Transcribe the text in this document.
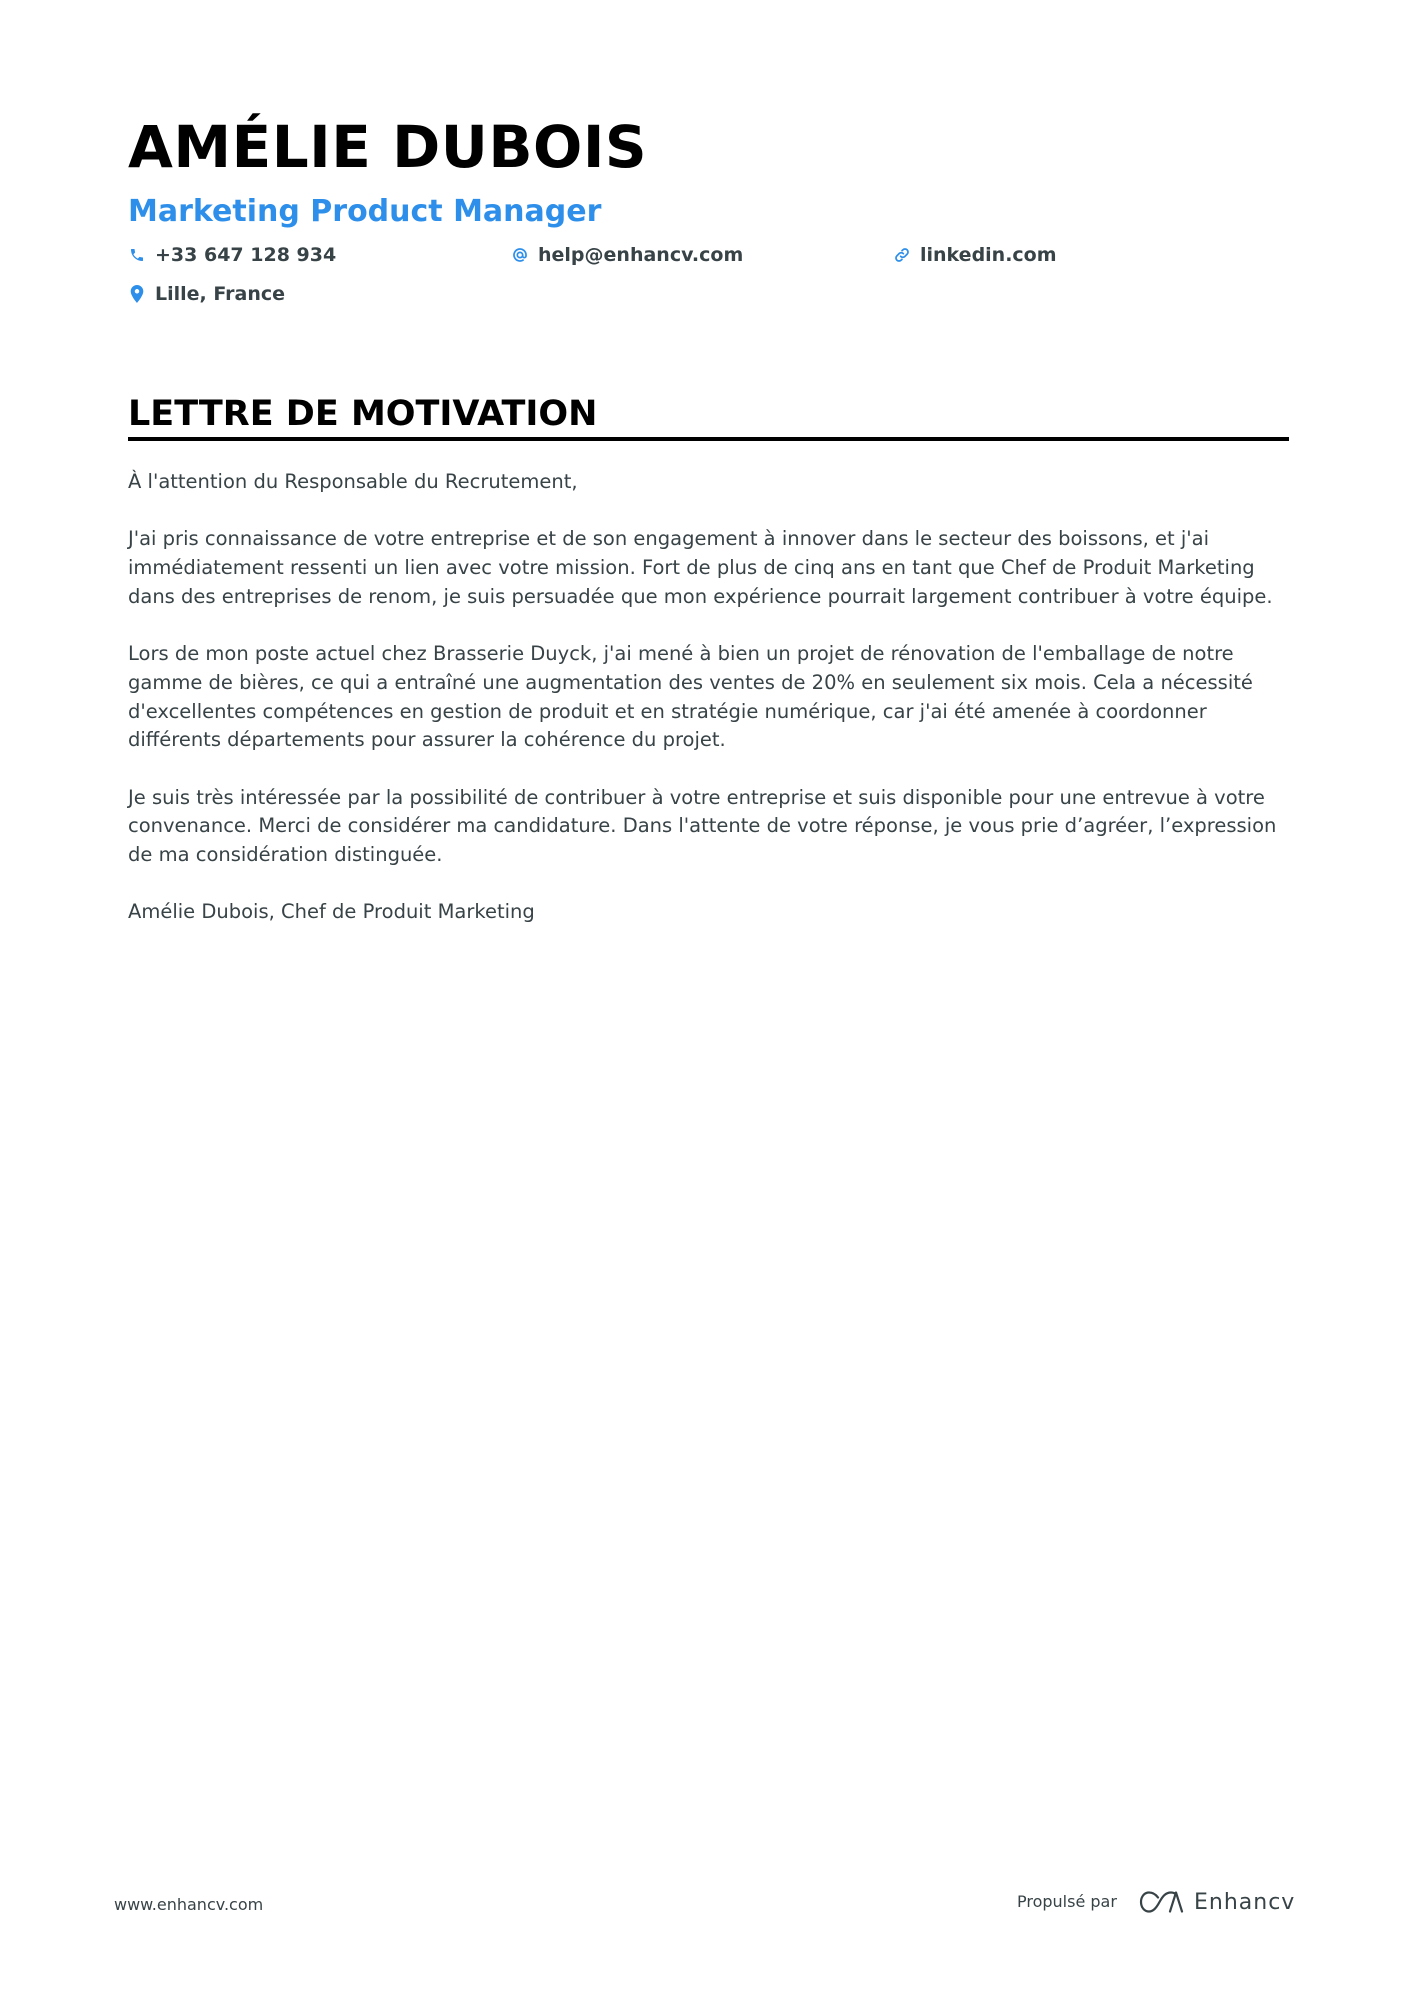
AMÉLIE DUBOIS
Marketing Product Manager
+33 647 128 934	help@enhancv.com	linkedin.com
Lille, France
LETTRE DE MOTIVATION

À l'attention du Responsable du Recrutement,

J'ai pris connaissance de votre entreprise et de son engagement à innover dans le secteur des boissons, et j'ai immédiatement ressenti un lien avec votre mission. Fort de plus de cinq ans en tant que Chef de Produit Marketing dans des entreprises de renom, je suis persuadée que mon expérience pourrait largement contribuer à votre équipe.

Lors de mon poste actuel chez Brasserie Duyck, j'ai mené à bien un projet de rénovation de l'emballage de notre gamme de bières, ce qui a entraîné une augmentation des ventes de 20% en seulement six mois. Cela a nécessité d'excellentes compétences en gestion de produit et en stratégie numérique, car j'ai été amenée à coordonner différents départements pour assurer la cohérence du projet.

Je suis très intéressée par la possibilité de contribuer à votre entreprise et suis disponible pour une entrevue à votre convenance. Merci de considérer ma candidature. Dans l'attente de votre réponse, je vous prie d’agréer, l’expression de ma considération distinguée.

Amélie Dubois, Chef de Produit Marketing

www.enhancv.com	Propulsé par	Enhancv
